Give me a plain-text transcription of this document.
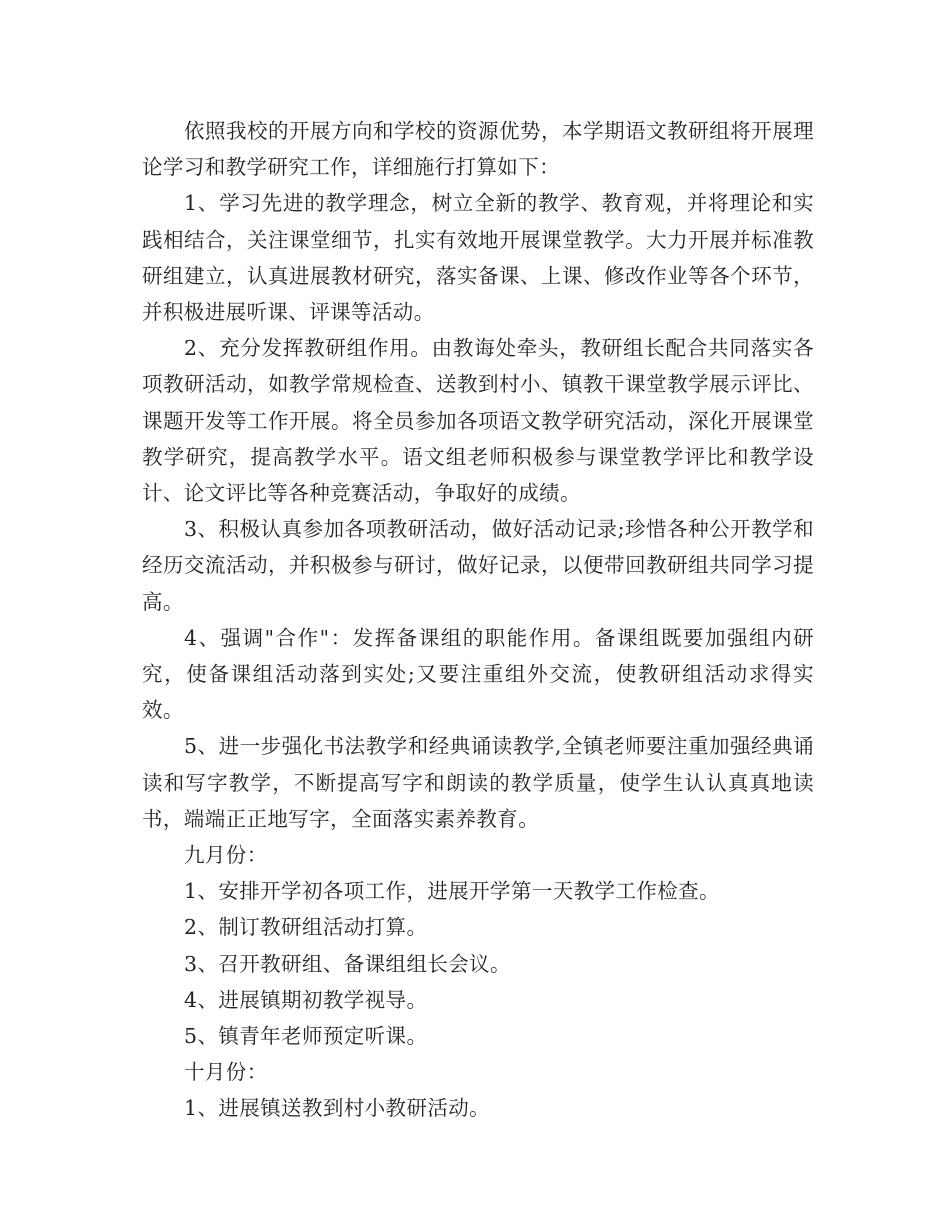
依照我校的开展方向和学校的资源优势，本学期语文教研组将开展理论学习和教学研究工作，详细施行打算如下：

1、学习先进的教学理念，树立全新的教学、教育观，并将理论和实践相结合，关注课堂细节，扎实有效地开展课堂教学。大力开展并标准教研组建立，认真进展教材研究，落实备课、上课、修改作业等各个环节，并积极进展听课、评课等活动。

2、充分发挥教研组作用。由教诲处牵头，教研组长配合共同落实各项教研活动，如教学常规检查、送教到村小、镇教干课堂教学展示评比、课题开发等工作开展。将全员参加各项语文教学研究活动，深化开展课堂教学研究，提高教学水平。语文组老师积极参与课堂教学评比和教学设计、论文评比等各种竞赛活动，争取好的成绩。

3、积极认真参加各项教研活动，做好活动记录;珍惜各种公开教学和经历交流活动，并积极参与研讨，做好记录，以便带回教研组共同学习提高。

4、强调"合作"：发挥备课组的职能作用。备课组既要加强组内研究，使备课组活动落到实处;又要注重组外交流，使教研组活动求得实效。

5、进一步强化书法教学和经典诵读教学,全镇老师要注重加强经典诵读和写字教学，不断提高写字和朗读的教学质量，使学生认认真真地读书，端端正正地写字，全面落实素养教育。

九月份：

1、安排开学初各项工作，进展开学第一天教学工作检查。

2、制订教研组活动打算。

3、召开教研组、备课组组长会议。

4、进展镇期初教学视导。

5、镇青年老师预定听课。

十月份：

1、进展镇送教到村小教研活动。
